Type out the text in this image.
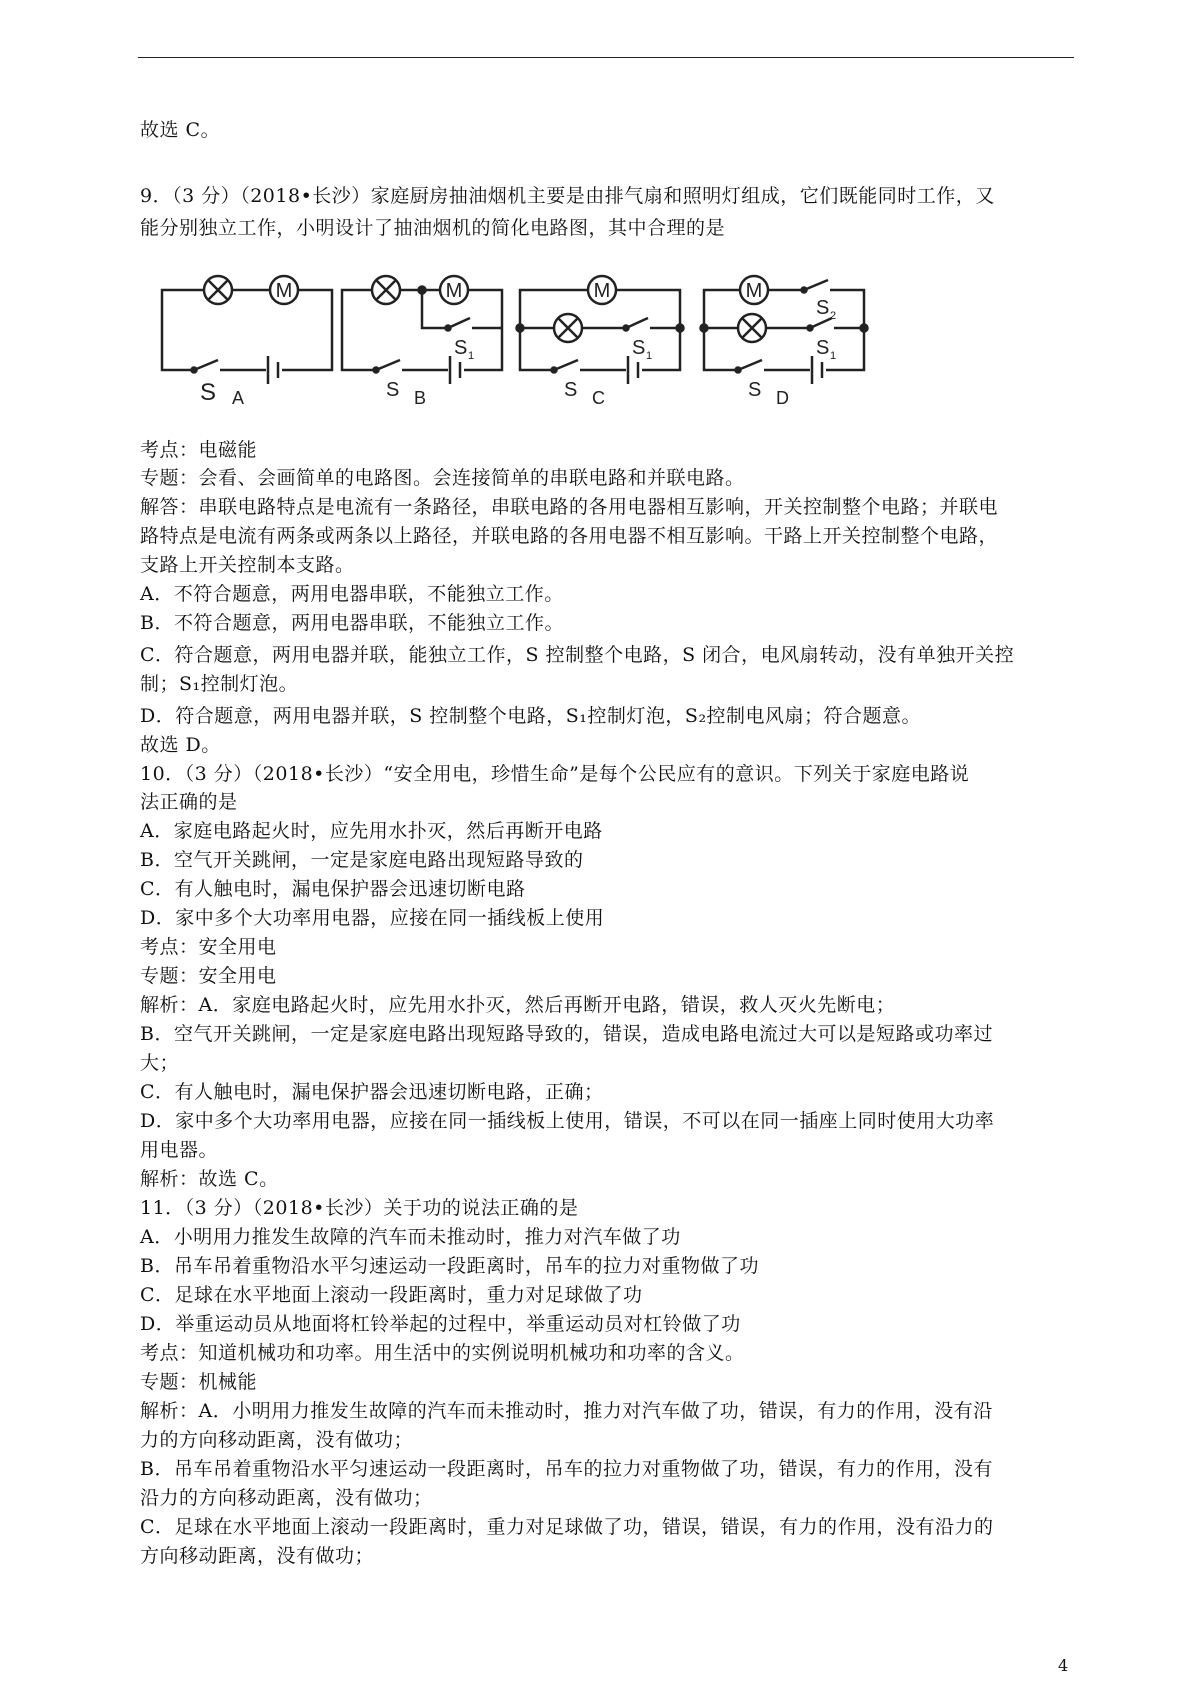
故选 C。
9．（3 分）（2018•长沙）家庭厨房抽油烟机主要是由排气扇和照明灯组成，它们既能同时工作，又
能分别独立工作，小明设计了抽油烟机的简化电路图，其中合理的是
M
S A
M
S 1
S B
M
S 1
S C
M
S 2
S 1
S D
考点：电磁能
专题：会看、会画简单的电路图。会连接简单的串联电路和并联电路。
解答：串联电路特点是电流有一条路径，串联电路的各用电器相互影响，开关控制整个电路；并联电
路特点是电流有两条或两条以上路径，并联电路的各用电器不相互影响。干路上开关控制整个电路，
支路上开关控制本支路。
A．不符合题意，两用电器串联，不能独立工作。
B．不符合题意，两用电器串联，不能独立工作。
C．符合题意，两用电器并联，能独立工作，S 控制整个电路，S 闭合，电风扇转动，没有单独开关控
制；S₁控制灯泡。
D．符合题意，两用电器并联，S 控制整个电路，S₁控制灯泡，S₂控制电风扇；符合题意。
故选 D。
10．（3 分）（2018•长沙）“安全用电，珍惜生命”是每个公民应有的意识。下列关于家庭电路说
法正确的是
A．家庭电路起火时，应先用水扑灭，然后再断开电路
B．空气开关跳闸，一定是家庭电路出现短路导致的
C．有人触电时，漏电保护器会迅速切断电路
D．家中多个大功率用电器，应接在同一插线板上使用
考点：安全用电
专题：安全用电
解析：A．家庭电路起火时，应先用水扑灭，然后再断开电路，错误，救人灭火先断电；
B．空气开关跳闸，一定是家庭电路出现短路导致的，错误，造成电路电流过大可以是短路或功率过
大；
C．有人触电时，漏电保护器会迅速切断电路，正确；
D．家中多个大功率用电器，应接在同一插线板上使用，错误，不可以在同一插座上同时使用大功率
用电器。
解析：故选 C。
11．（3 分）（2018•长沙）关于功的说法正确的是
A．小明用力推发生故障的汽车而未推动时，推力对汽车做了功
B．吊车吊着重物沿水平匀速运动一段距离时，吊车的拉力对重物做了功
C．足球在水平地面上滚动一段距离时，重力对足球做了功
D．举重运动员从地面将杠铃举起的过程中，举重运动员对杠铃做了功
考点：知道机械功和功率。用生活中的实例说明机械功和功率的含义。
专题：机械能
解析：A．小明用力推发生故障的汽车而未推动时，推力对汽车做了功，错误，有力的作用，没有沿
力的方向移动距离，没有做功；
B．吊车吊着重物沿水平匀速运动一段距离时，吊车的拉力对重物做了功，错误，有力的作用，没有
沿力的方向移动距离，没有做功；
C．足球在水平地面上滚动一段距离时，重力对足球做了功，错误，错误，有力的作用，没有沿力的
方向移动距离，没有做功；
4
